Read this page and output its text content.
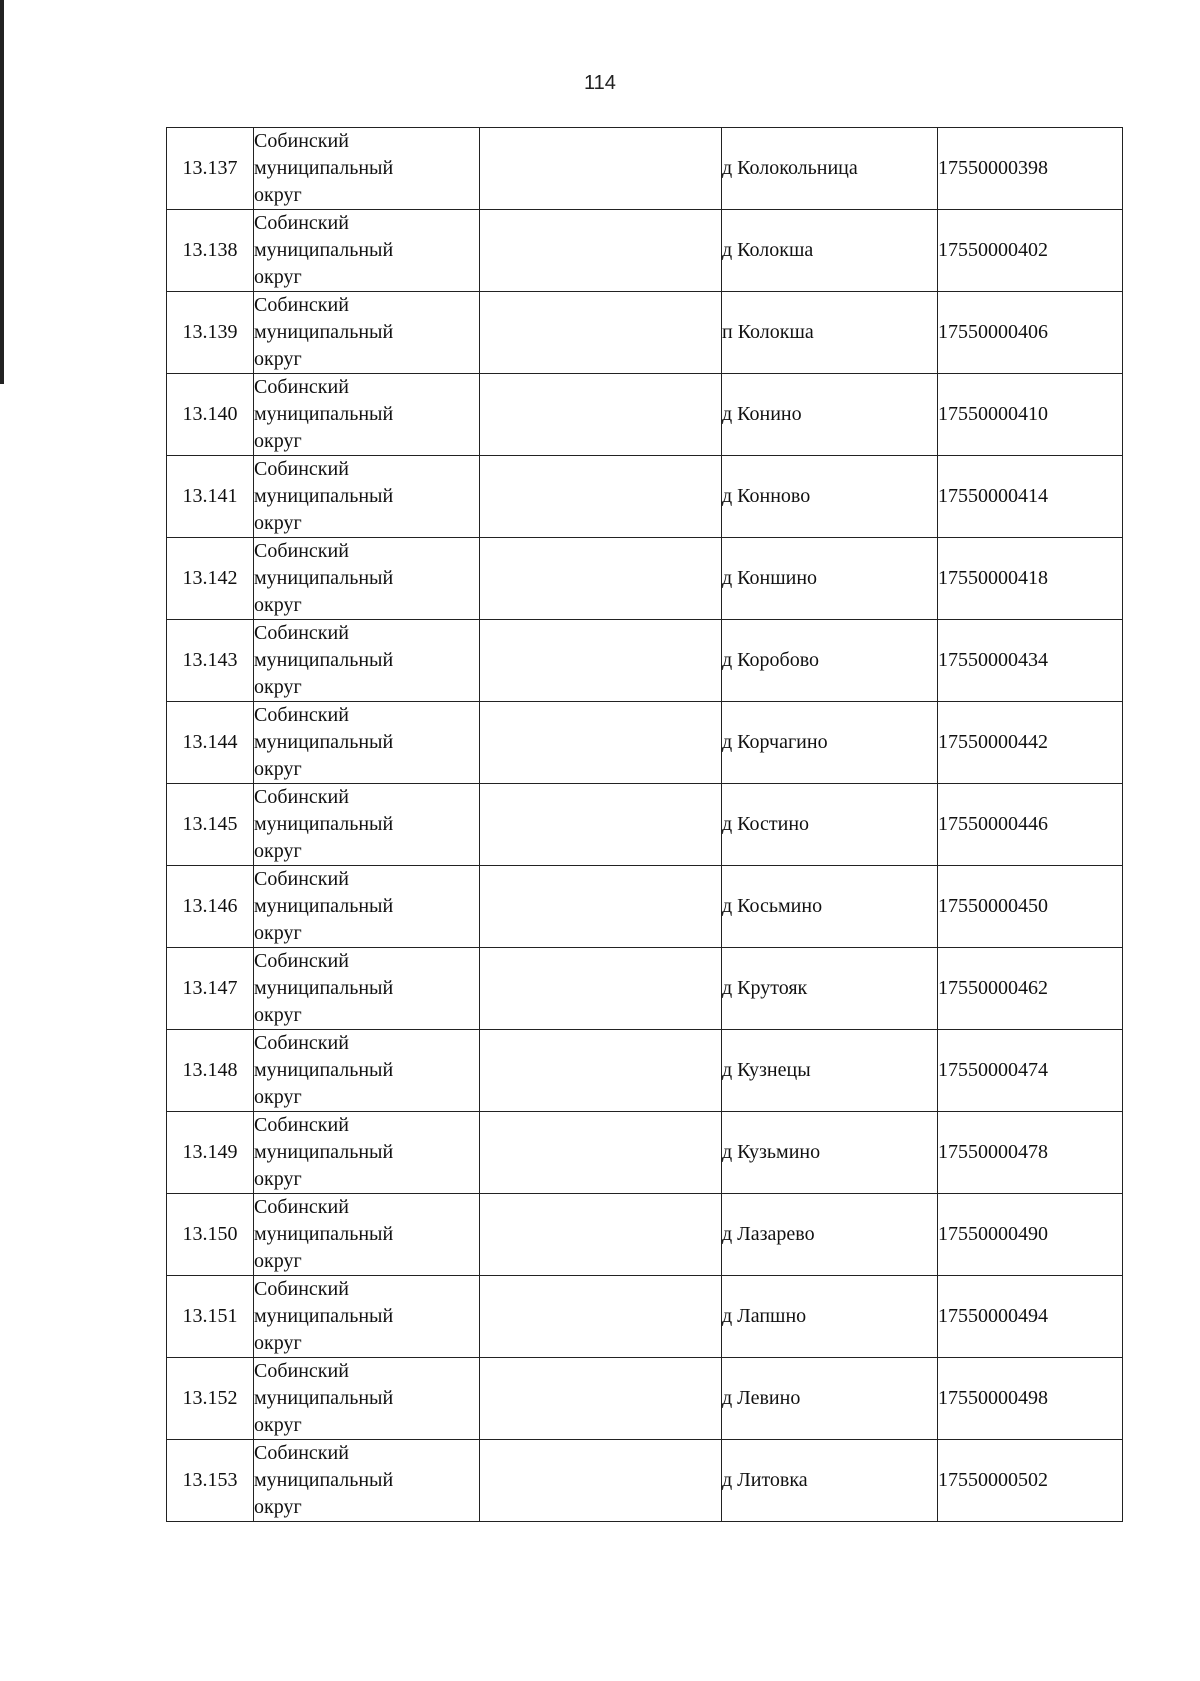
114
13.137	Собинский
муниципальный
округ		д Колокольница	17550000398
13.138	Собинский
муниципальный
округ		д Колокша	17550000402
13.139	Собинский
муниципальный
округ		п Колокша	17550000406
13.140	Собинский
муниципальный
округ		д Конино	17550000410
13.141	Собинский
муниципальный
округ		д Конново	17550000414
13.142	Собинский
муниципальный
округ		д Коншино	17550000418
13.143	Собинский
муниципальный
округ		д Коробово	17550000434
13.144	Собинский
муниципальный
округ		д Корчагино	17550000442
13.145	Собинский
муниципальный
округ		д Костино	17550000446
13.146	Собинский
муниципальный
округ		д Косьмино	17550000450
13.147	Собинский
муниципальный
округ		д Крутояк	17550000462
13.148	Собинский
муниципальный
округ		д Кузнецы	17550000474
13.149	Собинский
муниципальный
округ		д Кузьмино	17550000478
13.150	Собинский
муниципальный
округ		д Лазарево	17550000490
13.151	Собинский
муниципальный
округ		д Лапшно	17550000494
13.152	Собинский
муниципальный
округ		д Левино	17550000498
13.153	Собинский
муниципальный
округ		д Литовка	17550000502
